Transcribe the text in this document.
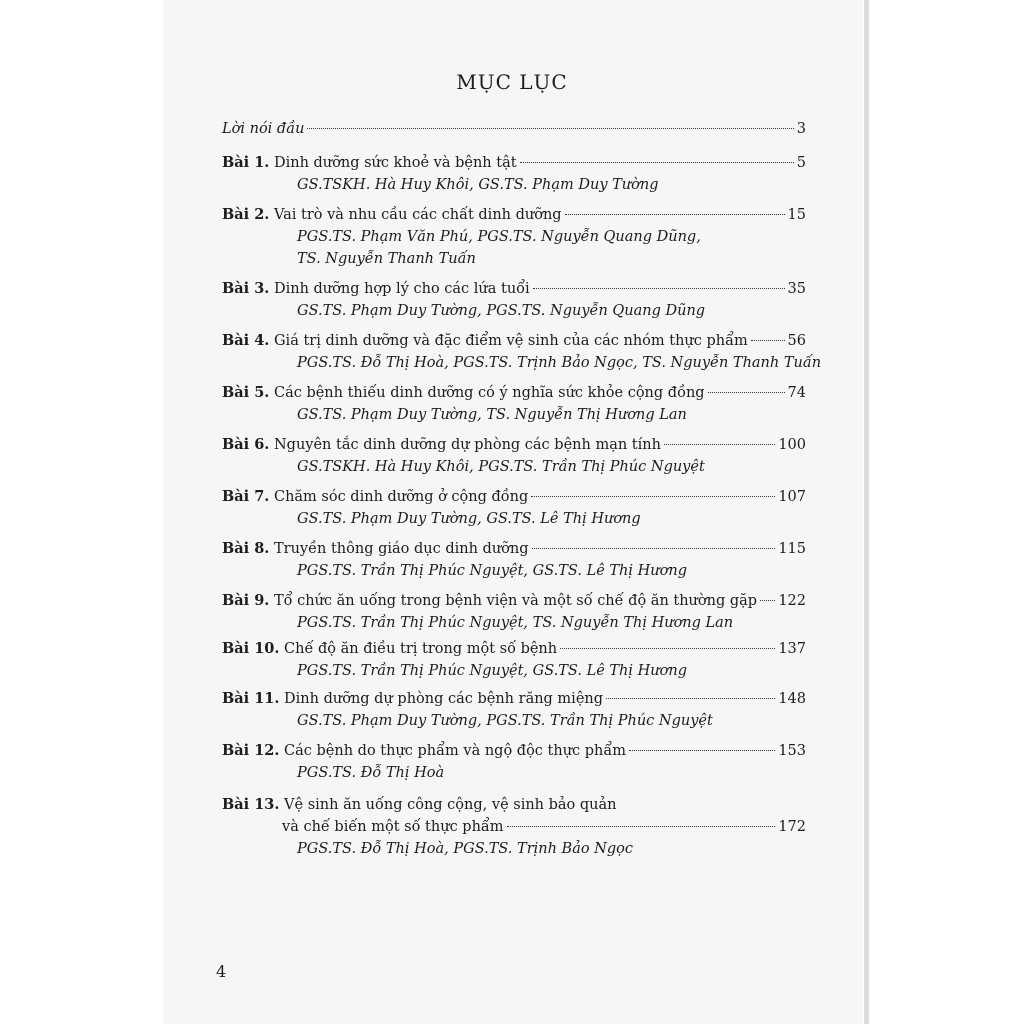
MỤC LỤC
Lời nói đầu	3
Bài 1.
Dinh dưỡng sức khoẻ và bệnh tật	5
GS.TSKH. Hà Huy Khôi, GS.TS. Phạm Duy Tường
Bài 2.
Vai trò và nhu cầu các chất dinh dưỡng	15
PGS.TS. Phạm Văn Phú, PGS.TS. Nguyễn Quang Dũng,
TS. Nguyễn Thanh Tuấn
Bài 3.
Dinh dưỡng hợp lý cho các lứa tuổi	35
GS.TS. Phạm Duy Tường, PGS.TS. Nguyễn Quang Dũng
Bài 4.
Giá trị dinh dưỡng và đặc điểm vệ sinh của các nhóm thực phẩm	56
PGS.TS. Đỗ Thị Hoà, PGS.TS. Trịnh Bảo Ngọc, TS. Nguyễn Thanh Tuấn
Bài 5.
Các bệnh thiếu dinh dưỡng có ý nghĩa sức khỏe cộng đồng	74
GS.TS. Phạm Duy Tường, TS. Nguyễn Thị Hương Lan
Bài 6.
Nguyên tắc dinh dưỡng dự phòng các bệnh mạn tính	100
GS.TSKH. Hà Huy Khôi, PGS.TS. Trần Thị Phúc Nguyệt
Bài 7.
Chăm sóc dinh dưỡng ở cộng đồng	107
GS.TS. Phạm Duy Tường, GS.TS. Lê Thị Hương
Bài 8.
Truyền thông giáo dục dinh dưỡng	115
PGS.TS. Trần Thị Phúc Nguyệt, GS.TS. Lê Thị Hương
Bài 9.
Tổ chức ăn uống trong bệnh viện và một số chế độ ăn thường gặp 122
PGS.TS. Trần Thị Phúc Nguyệt, TS. Nguyễn Thị Hương Lan
Bài 10.
Chế độ ăn điều trị trong một số bệnh	137
PGS.TS. Trần Thị Phúc Nguyệt, GS.TS. Lê Thị Hương
Bài 11.
Dinh dưỡng dự phòng các bệnh răng miệng	148
GS.TS. Phạm Duy Tường, PGS.TS. Trần Thị Phúc Nguyệt
Bài 12.
Các bệnh do thực phẩm và ngộ độc thực phẩm	153
PGS.TS. Đỗ Thị Hoà
Bài 13.
Vệ sinh ăn uống công cộng, vệ sinh bảo quản
và chế biến một số thực phẩm	172
PGS.TS. Đỗ Thị Hoà, PGS.TS. Trịnh Bảo Ngọc
4
